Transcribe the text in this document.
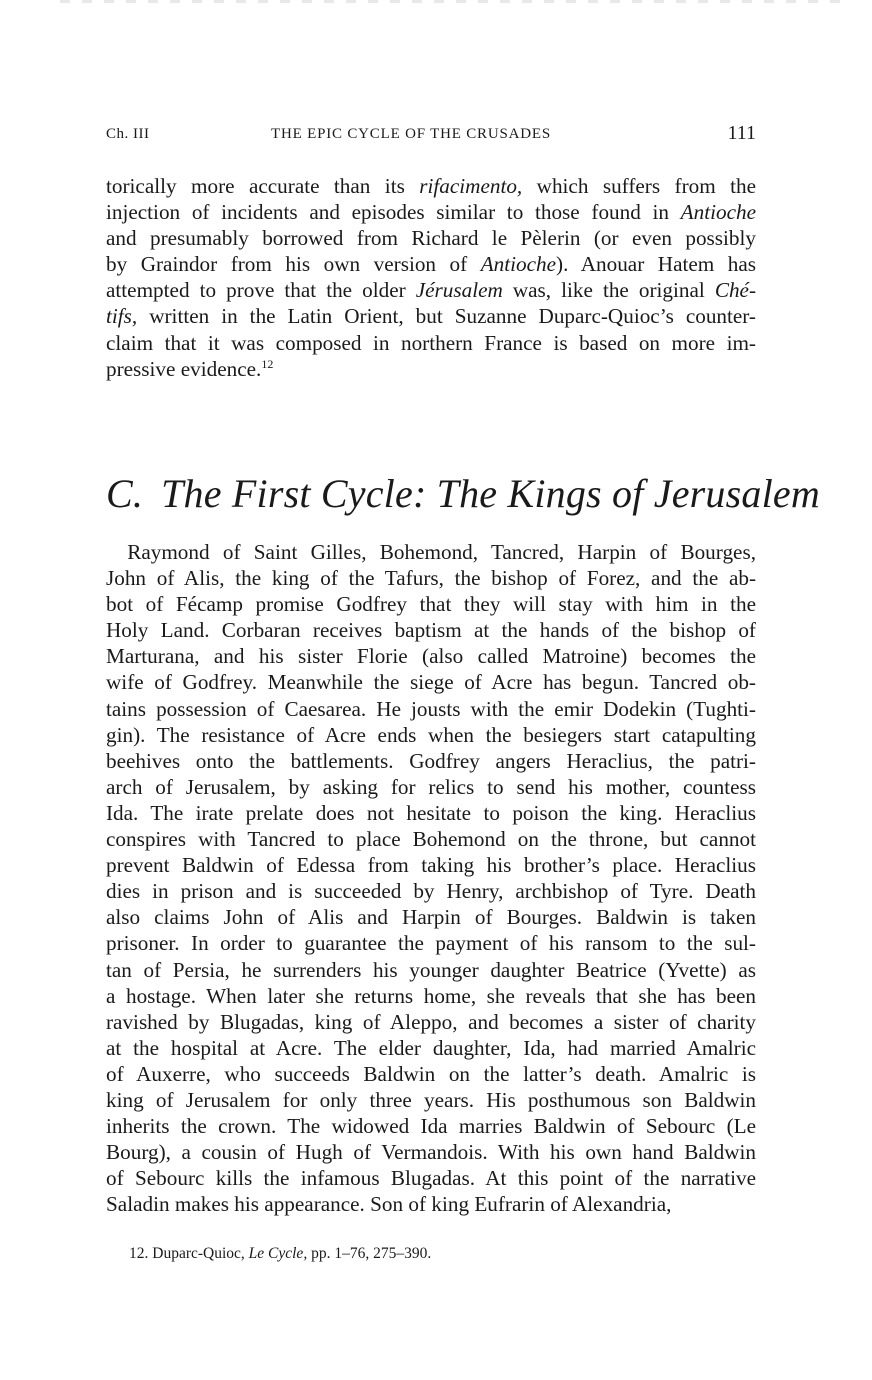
Ch. III	THE EPIC CYCLE OF THE CRUSADES	111
torically more accurate than its rifacimento, which suffers from the
injection of incidents and episodes similar to those found in Antioche
and presumably borrowed from Richard le Pèlerin (or even possibly
by Graindor from his own version of Antioche). Anouar Hatem has
attempted to prove that the older Jérusalem was, like the original Ché-
tifs, written in the Latin Orient, but Suzanne Duparc-Quioc’s counter-
claim that it was composed in northern France is based on more im-
pressive evidence.$^{12}$
C. The First Cycle: The Kings of Jerusalem
 Raymond of Saint Gilles, Bohemond, Tancred, Harpin of Bourges,
John of Alis, the king of the Tafurs, the bishop of Forez, and the ab-
bot of Fécamp promise Godfrey that they will stay with him in the
Holy Land. Corbaran receives baptism at the hands of the bishop of
Marturana, and his sister Florie (also called Matroine) becomes the
wife of Godfrey. Meanwhile the siege of Acre has begun. Tancred ob-
tains possession of Caesarea. He jousts with the emir Dodekin (Tughti-
gin). The resistance of Acre ends when the besiegers start catapulting
beehives onto the battlements. Godfrey angers Heraclius, the patri-
arch of Jerusalem, by asking for relics to send his mother, countess
Ida. The irate prelate does not hesitate to poison the king. Heraclius
conspires with Tancred to place Bohemond on the throne, but cannot
prevent Baldwin of Edessa from taking his brother’s place. Heraclius
dies in prison and is succeeded by Henry, archbishop of Tyre. Death
also claims John of Alis and Harpin of Bourges. Baldwin is taken
prisoner. In order to guarantee the payment of his ransom to the sul-
tan of Persia, he surrenders his younger daughter Beatrice (Yvette) as
a hostage. When later she returns home, she reveals that she has been
ravished by Blugadas, king of Aleppo, and becomes a sister of charity
at the hospital at Acre. The elder daughter, Ida, had married Amalric
of Auxerre, who succeeds Baldwin on the latter’s death. Amalric is
king of Jerusalem for only three years. His posthumous son Baldwin
inherits the crown. The widowed Ida marries Baldwin of Sebourc (Le
Bourg), a cousin of Hugh of Vermandois. With his own hand Baldwin
of Sebourc kills the infamous Blugadas. At this point of the narrative
Saladin makes his appearance. Son of king Eufrarin of Alexandria,
12. Duparc-Quioc, Le Cycle, pp. 1–76, 275–390.
